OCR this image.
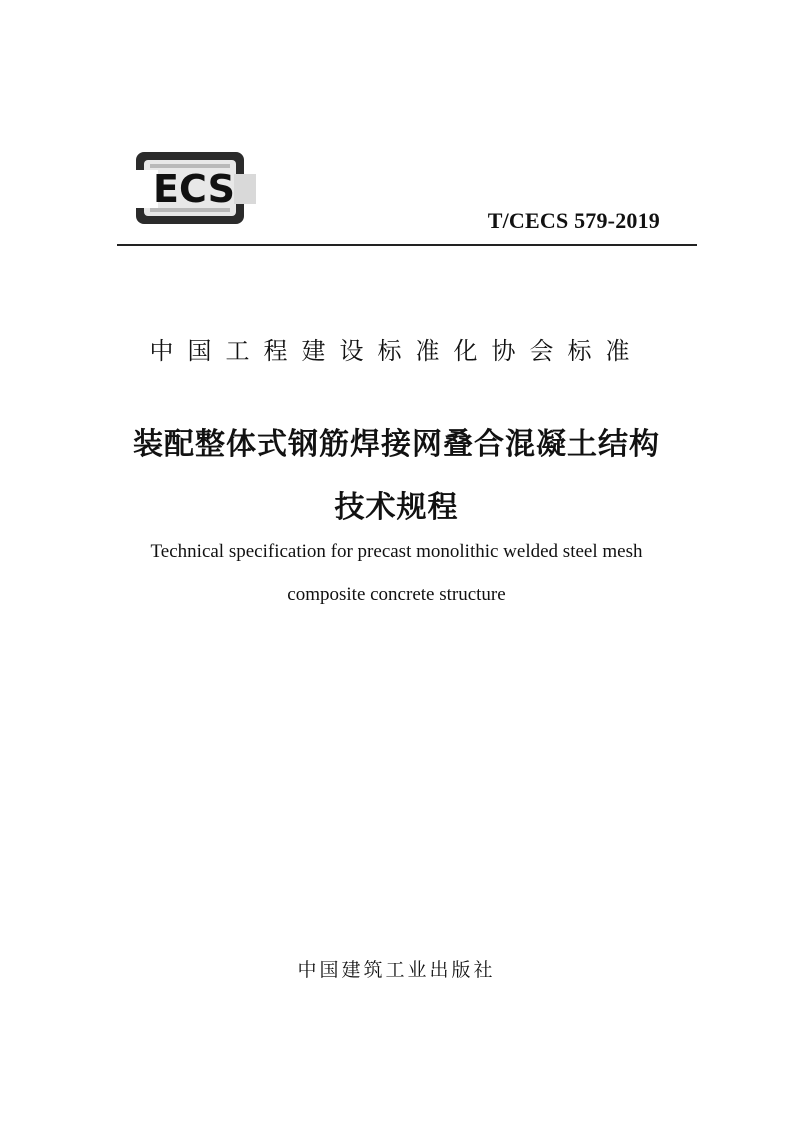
ECS
T/CECS 579-2019
中国工程建设标准化协会标准
装配整体式钢筋焊接网叠合混凝土结构
技术规程
Technical specification for precast monolithic welded steel mesh
composite concrete structure
中国建筑工业出版社
